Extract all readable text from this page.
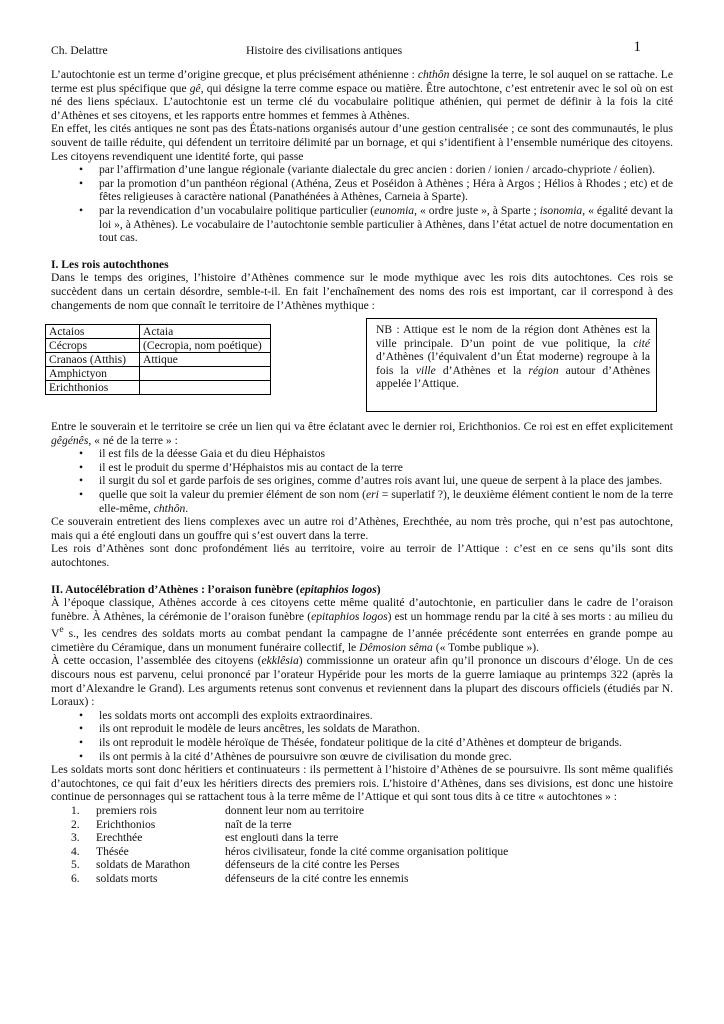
Ch. Delattre	Histoire des civilisations antiques	1

L’autochtonie est un terme d’origine grecque, et plus précisément athénienne : chthôn désigne la terre, le sol auquel on se rattache. Le terme est plus spécifique que gê, qui désigne la terre comme espace ou matière. Être autochtone, c’est entretenir avec le sol où on est né des liens spéciaux. L’autochtonie est un terme clé du vocabulaire politique athénien, qui permet de définir à la fois la cité d’Athènes et ses citoyens, et les rapports entre hommes et femmes à Athènes.

En effet, les cités antiques ne sont pas des États-nations organisés autour d’une gestion centralisée ; ce sont des communautés, le plus souvent de taille réduite, qui défendent un territoire délimité par un bornage, et qui s’identifient à l’ensemble numérique des citoyens. Les citoyens revendiquent une identité forte, qui passe

• par l’affirmation d’une langue régionale (variante dialectale du grec ancien : dorien / ionien / arcado-chypriote / éolien).
• par la promotion d’un panthéon régional (Athéna, Zeus et Poséidon à Athènes ; Héra à Argos ; Hélios à Rhodes ; etc) et de fêtes religieuses à caractère national (Panathénées à Athènes, Carneia à Sparte).
• par la revendication d’un vocabulaire politique particulier (eunomia, « ordre juste », à Sparte ; isonomia, « égalité devant la loi », à Athènes). Le vocabulaire de l’autochtonie semble particulier à Athènes, dans l’état actuel de notre documentation en tout cas.
I. Les rois autochthones

Dans le temps des origines, l’histoire d’Athènes commence sur le mode mythique avec les rois dits autochtones. Ces rois se succèdent dans un certain désordre, semble-t-il. En fait l’enchaînement des noms des rois est important, car il correspond à des changements de nom que connaît le territoire de l’Athènes mythique :

Actaios	Actaia
Cécrops	(Cecropia, nom poétique)
Cranaos (Atthis)	Attique
Amphictyon	
Erichthonios	
NB : Attique est le nom de la région dont Athènes est la ville principale. D’un point de vue politique, la cité d’Athènes (l’équivalent d’un État moderne) regroupe à la fois la ville d’Athènes et la région autour d’Athènes appelée l’Attique.

Entre le souverain et le territoire se crée un lien qui va être éclatant avec le dernier roi, Erichthonios. Ce roi est en effet explicitement gêgénês, « né de la terre » :

• il est fils de la déesse Gaia et du dieu Héphaistos
• il est le produit du sperme d’Héphaistos mis au contact de la terre
• il surgit du sol et garde parfois de ses origines, comme d’autres rois avant lui, une queue de serpent à la place des jambes.
• quelle que soit la valeur du premier élément de son nom (eri = superlatif ?), le deuxième élément contient le nom de la terre elle-même, chthôn.

Ce souverain entretient des liens complexes avec un autre roi d’Athènes, Erechthée, au nom très proche, qui n’est pas autochtone, mais qui a été englouti dans un gouffre qui s’est ouvert dans la terre.

Les rois d’Athènes sont donc profondément liés au territoire, voire au terroir de l’Attique : c’est en ce sens qu’ils sont dits autochtones.

II. Autocélébration d’Athènes : l’oraison funèbre (epitaphios logos)

À l’époque classique, Athènes accorde à ces citoyens cette même qualité d’autochtonie, en particulier dans le cadre de l’oraison funèbre. À Athènes, la cérémonie de l’oraison funèbre (epitaphios logos) est un hommage rendu par la cité à ses morts : au milieu du Ve s., les cendres des soldats morts au combat pendant la campagne de l’année précédente sont enterrées en grande pompe au cimetière du Céramique, dans un monument funéraire collectif, le Dêmosion sêma (« Tombe publique »).

À cette occasion, l’assemblée des citoyens (ekklêsia) commissionne un orateur afin qu’il prononce un discours d’éloge. Un de ces discours nous est parvenu, celui prononcé par l’orateur Hypéride pour les morts de la guerre lamiaque au printemps 322 (après la mort d’Alexandre le Grand). Les arguments retenus sont convenus et reviennent dans la plupart des discours officiels (étudiés par N. Loraux) :

• les soldats morts ont accompli des exploits extraordinaires.
• ils ont reproduit le modèle de leurs ancêtres, les soldats de Marathon.
• ils ont reproduit le modèle héroïque de Thésée, fondateur politique de la cité d’Athènes et dompteur de brigands.
• ils ont permis à la cité d’Athènes de poursuivre son œuvre de civilisation du monde grec.

Les soldats morts sont donc héritiers et continuateurs : ils permettent à l’histoire d’Athènes de se poursuivre. Ils sont même qualifiés d’autochtones, ce qui fait d’eux les héritiers directs des premiers rois. L’histoire d’Athènes, dans ses divisions, est donc une histoire continue de personnages qui se rattachent tous à la terre même de l’Attique et qui sont tous dits à ce titre « autochtones » :

1. premiers rois	donnent leur nom au territoire
2. Erichthonios	naît de la terre
3. Erechthée	est englouti dans la terre
4. Thésée	héros civilisateur, fonde la cité comme organisation politique
5. soldats de Marathon	défenseurs de la cité contre les Perses
6. soldats morts	défenseurs de la cité contre les ennemis
